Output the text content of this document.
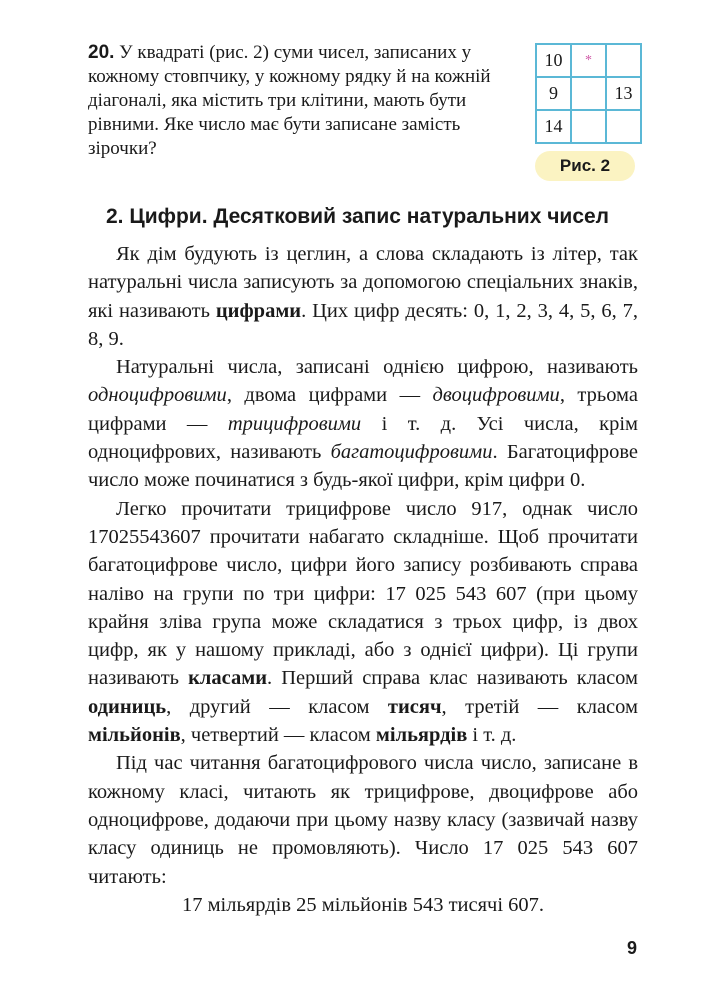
20. У квадраті (рис. 2) суми чисел, записаних у кожному стовпчику, у кожному рядку й на кожній діагоналі, яка містить три клітини, мають бути рівними. Яке число має бути записане замість зірочки?
10	*	
9		13
14		
Рис. 2
2. Цифри. Десятковий запис натуральних чисел

Як дім будують із цеглин, а слова складають із літер, так натуральні числа записують за допомогою спеціальних знаків, які називають цифрами. Цих цифр десять: 0, 1, 2, 3, 4, 5, 6, 7, 8, 9.

Натуральні числа, записані однією цифрою, називають одноцифровими, двома цифрами — двоцифровими, трьома цифрами — трицифровими і т. д. Усі числа, крім одноцифрових, називають багатоцифровими. Багатоцифрове число може починатися з будь-якої цифри, крім цифри 0.

Легко прочитати трицифрове число 917, однак число 17025543607 прочитати набагато складніше. Щоб прочитати багатоцифрове число, цифри його запису розбивають справа наліво на групи по три цифри: 17 025 543 607 (при цьому крайня зліва група може складатися з трьох цифр, із двох цифр, як у нашому прикладі, або з однієї цифри). Ці групи називають класами. Перший справа клас називають класом одиниць, другий — класом тисяч, третій — класом мільйонів, четвертий — класом мільярдів і т. д.

Під час читання багатоцифрового числа число, записане в кожному класі, читають як трицифрове, двоцифрове або одноцифрове, додаючи при цьому назву класу (зазвичай назву класу одиниць не промовляють). Число 17 025 543 607 читають:

17 мільярдів 25 мільйонів 543 тисячі 607.

9
